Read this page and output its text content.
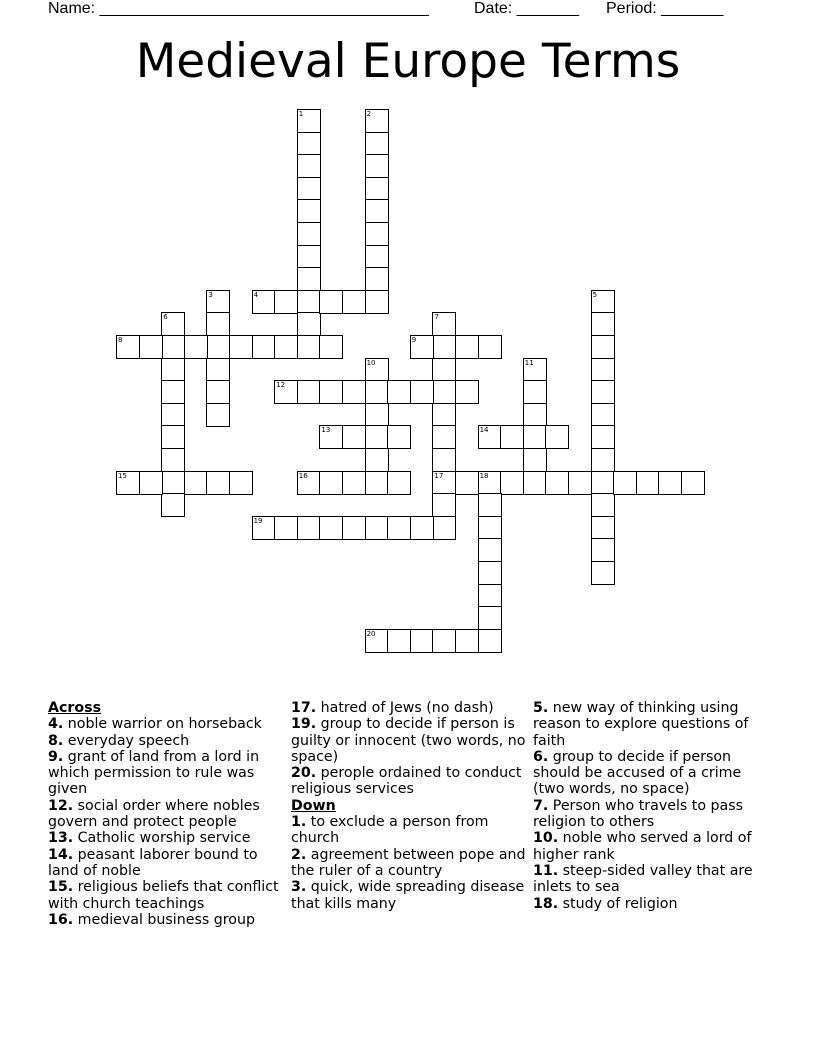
Name: _____________________________________	Date: _______ Period: _______
Medieval Europe Terms
1	2
3	4	5
6	7
17
8	9
10	11
12
13	14
15	16	18
19
20

Across

4. noble warrior on horseback

8. everyday speech

9. grant of land from a lord in which permission to rule was given

12. social order where nobles govern and protect people

13. Catholic worship service

14. peasant laborer bound to land of noble

15. religious beliefs that conflict with church teachings

16. medieval business group

17. hatred of Jews (no dash)

19. group to decide if person is guilty or innocent (two words, no space)

20. perople ordained to conduct religious services

Down

1. to exclude a person from church

2. agreement between pope and the ruler of a country

3. quick, wide spreading disease that kills many

5. new way of thinking using reason to explore questions of faith

6. group to decide if person should be accused of a crime (two words, no space)

7. Person who travels to pass religion to others

10. noble who served a lord of higher rank

11. steep-sided valley that are inlets to sea

18. study of religion
